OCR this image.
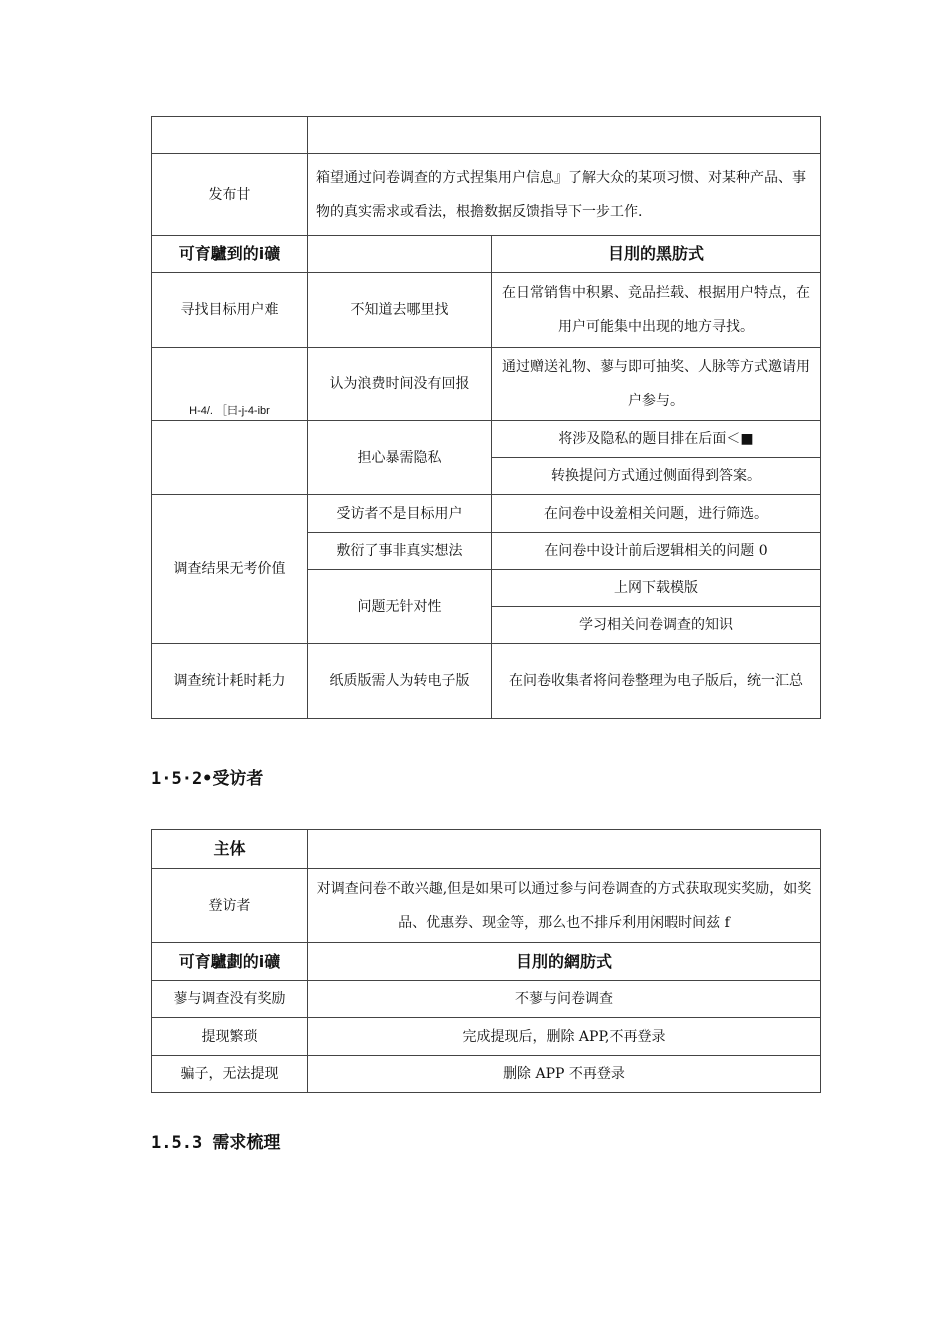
发布甘	箱望通过问卷调查的方式捏集用户信息』了解大众的某项习惯、对某种产品、事物的真实需求或看法，根擔数据反馈指导下一步工作.	
可育驢到的ⅰ礦		目刖的黑肪式
寻找目标用户难	不知道去哪里找	在日常销售中积累、竞品拦载、根据用户特点，在用户可能集中出现的地方寻找。
H-4/. ［曰-j-4-ibr	认为浪费时间没有回报	通过赠送礼物、蓼与即可抽奖、人脉等方式邀请用户参与。
	担心暴需隐私	将涉及隐私的题目排在后面＜■
		转换提问方式通过侧面得到答案。
调查结果无考价值	受访者不是目标用户	在问卷中设羞相关问题，进行筛选。
	敷衍了事非真实想法	在问卷中设计前后逻辑相关的问题 0
	问题无针对性	上网下载模版
		学习相关问卷调查的知识
调查统计耗时耗力	纸质版需人为转电子版	在问卷收集者将问卷整理为电子版后，统一汇总
1·5·2•受访者
主体	
登访者	对调查问卷不敢兴趣,但是如果可以通过参与问卷调查的方式获取现实奖励，如奖品、优惠券、现金等，那么也不排斥利用闲暇时间兹 f
可育驢劃的ⅰ礦	目刖的網肪式
蓼与调查没有奖励	不蓼与问卷调查
提现繁琐	完成提现后，删除 APP,不再登录
骗子，无法提现	删除 APP 不再登录
1.5.3 需求梳理
